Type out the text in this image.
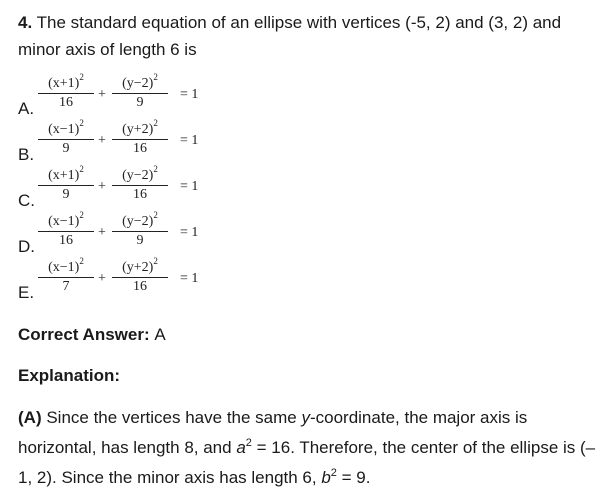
4. The standard equation of an ellipse with vertices (-5, 2) and (3, 2) and minor axis of length 6 is
A. $\frac{(x+1)^2}{16} + \frac{(y-2)^2}{9} = 1$
B. $\frac{(x-1)^2}{9} + \frac{(y+2)^2}{16} = 1$
C. $\frac{(x+1)^2}{9} + \frac{(y-2)^2}{16} = 1$
D. $\frac{(x-1)^2}{16} + \frac{(y-2)^2}{9} = 1$
E. $\frac{(x-1)^2}{7} + \frac{(y+2)^2}{16} = 1$
Correct Answer: A
Explanation:
(A) Since the vertices have the same y-coordinate, the major axis is horizontal, has length 8, and $a^2 = 16$. Therefore, the center of the ellipse is (–1, 2). Since the minor axis has length 6, $b^2 = 9$.
